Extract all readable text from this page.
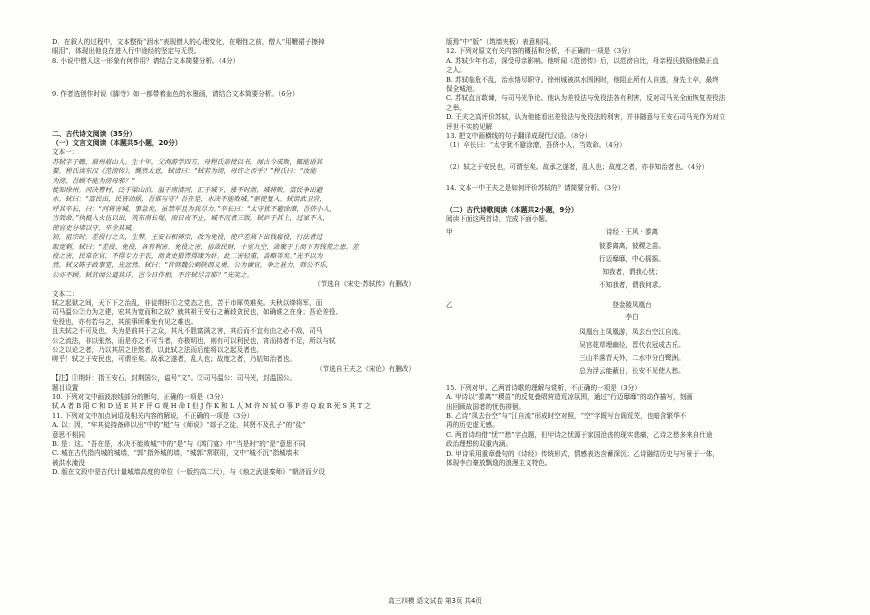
D．在叙人的过程中，文本整衔“洇水”表现僧人的心理变化，在咽性之前，僧人“用鞭裙子擦掉
眼泪”，体现出他良在进入行中途经的坚定与无畏。
8. 小说中僧人这一形象有何作用？请结合文本简要分析。（4分）
9. 作者选创作时说《脚寺》如一都带着血色的水墨画，请结合文本简要分析。（6分）
二、古代诗文阅读（35分）
（一）文言文阅读（本题共5小题，20分）
文本一：
苏轼字子瞻，眉州眉山人。生十年，父洵游学四方，母程氏亲授以书，闻古今成败，辄能语其
要。程氏读东汉《范滂传》，慨然太息，轼请曰：“轼若为滂，母许之否乎？”程氏曰：“汝能
为滂，吾顾不能为滂母邪？”
徙知徐州。河决曹村，泛于梁山泊，溢于南清河，汇于城下，涨不时泄，城将败，富民争出避
水。轼曰：“富民出，民皆动摇，吾谁与守？吾在是，水决不能败城。”驱使复入。轼诣武卫营，
呼其卒长，曰：“河将害城，事急矣，虽禁军且为我尽力。”卒长曰：“太守犹不避涂潦，吾侪小人，
当效命。”执梃入火伍以出，筑东南长堤，雨日夜不止，城不沉者三版。轼庐于其上，过家不入，
使官吏分堵以守，卒全其城。
初，祖宗时，差役行之久，生弊。王安石相神宗，改为免役，使户差高下出钱雇役，行法者过
取宽剩。轼曰：“差役、免役，各有利害。免役之害，掊敛民财，十室九空，敛聚于上而下有钱荒之患。差
役之害，民常在官，不得专力于农，而贪吏猾胥得缘为奸。此二害轻重，盖略等矣。”光不以为
然。轼又陈于政事堂，光忿然。轼曰：“昔韩魏公刺陕西义勇，公为谏官，争之甚力，韩公不乐，
公亦不顾。轼昔闻公道其详，岂今日作相，不许轼尽言耶？”光笑之。
（节选自《宋史·苏轼传》有删改）
文本二：
轼之起狱之间，天下下之治乱，非徒荆轩①之党态之也，苦于市犀英难矣。夫秋以绛将军，而
司马温公②力为之建，宏其为宽而和之故？就其祖王安石之蓄歧贪民也，如确谁之在身；吾论差役、
免役也，亦有若与之，其前事所难免有见之难也。
且夫轼之不可及也，夫为是前其于之众，其凡不胜富满之害，其后而不宜有由之必不敌，司马
公之流法，非以张然，而是亦之不可当者，亦极明也，则有可以利民也，宵而持者不足，所以与轼
公之以论之者，乃以其居之世然者，以此轼之法而后能将以之起及者也。
嗟乎！轼之于安民也，可谓至矣。故承之遂者，乱人也；故度之者，乃姑知治者也。
（节选自王夫之《宋论》有删改）
【注】①荆轩：指王安石，封荆国公，谥号“文”。②司马温公：司马光，封温国公。
题目设置
10. 下列对文中画波浪线部分的断句，正确的一项是（3分）
轼 A 者 B 阳 C 和 D 适 E 其 F 评 G 观 H 命 I 但 J 作 K 和 L 人 M 许 N 轼 O 事 P 亦 Q 取 R 死 S 其 T 之
11. 下列对文中加点词语及相关内容的解说，不正确的一项是（3分）
A. 以：因，“牢其徒持备碎以出”中的“梃”与《师说》“郯子之徒，其贤不及孔子”的“徒”
意思不相同
B. 是：这。“吾在是，水决不能败城”中的“是”与《鸿门宴》中“当是时”的“是”意思不同
C. 城在古代指内城的城墙，“郭”指外城的墙，“城郭”常联用，文中“城不沉”指城墙未
被洪水淹没
D. 版在文段中是古代计量城墙高度的单位（一版约高二尺），与《烛之武退秦师》“朝济而夕设
版焉”中“版”（筑墙夹板）表意相同。
12. 下列对原文有关内容的概括和分析，不正确的一项是（3分）
A. 苏轼少年有志，深受母亲影响。他听闻《范滂传》后，以范滂自比，母亲程氏鼓励他做正直
之人。
B. 苏轼临危不乱，治水恪尽职守。徐州城被洪水围困时，他阻止所有人自逃，身先士卒，最终
保全城池。
C. 苏轼直言敢谏，与司马光争论。他认为差役法与免役法各有利害，反对司马光全面恢复差役法
之举。
D. 王夫之高评价苏轼，认为他能看出差役法与免役法的利害，并非随意与王安石司马光作为对立
评世不实的见解
13. 把文中画横线的句子翻译成现代汉语。（8分）
（1）卒长曰：“太守犹不避涂潦，吾侪小人，当效命。（4分）
（2）轼之于安民也，可谓至矣。故承之遂者，乱人也；故度之者，亦非知治者也。（4分）
14. 文本一中王夫之是如何评价苏轼的？请简要分析。（3分）
（二）古代诗歌阅读（本题共2小题，9分）
阅读下面这两首诗，完成下面小题。
甲	诗经 · 王风 · 黍离
彼黍离离，彼稷之苗。
行迈靡靡，中心摇摇。
知我者，谓我心忧；
不知我者，谓我何求。
乙	登金陵凤凰台
李白
凤凰台上凤凰游，凤去台空江自流。
吴宫花草埋幽径，晋代衣冠成古丘。
三山半落青天外，二水中分白鹭洲。
总为浮云能蔽日，长安不见使人愁。
15. 下列对甲、乙两首诗歌的理解与赏析，不正确的一项是（3分）
A. 甲诗以“黍离”“稷苗”的反复叠唱营造荒凉氛围，通过“行迈靡靡”的动作描写，刻画
出回顾故国者的忧伤徘徊。
B. 乙诗“凤去台空”与“江自流”形成时空对照，“空”字既写台阁荒芜，也暗含繁华不
再的历史虚无感。
C. 两首诗均借“忧”“愁”字点题，但甲诗之忧源于家国沧丧的现实悲痛，乙诗之愁多来自仕途
政治理想的双重内涵。
D. 甲诗采用重章叠句的《诗经》传统形式，情感表达含蓄深沉；乙诗融结历史与写景于一体，
体现李白豪放飘逸的浪漫主义特色。
高三四模 语文试卷 第3页 共4页
